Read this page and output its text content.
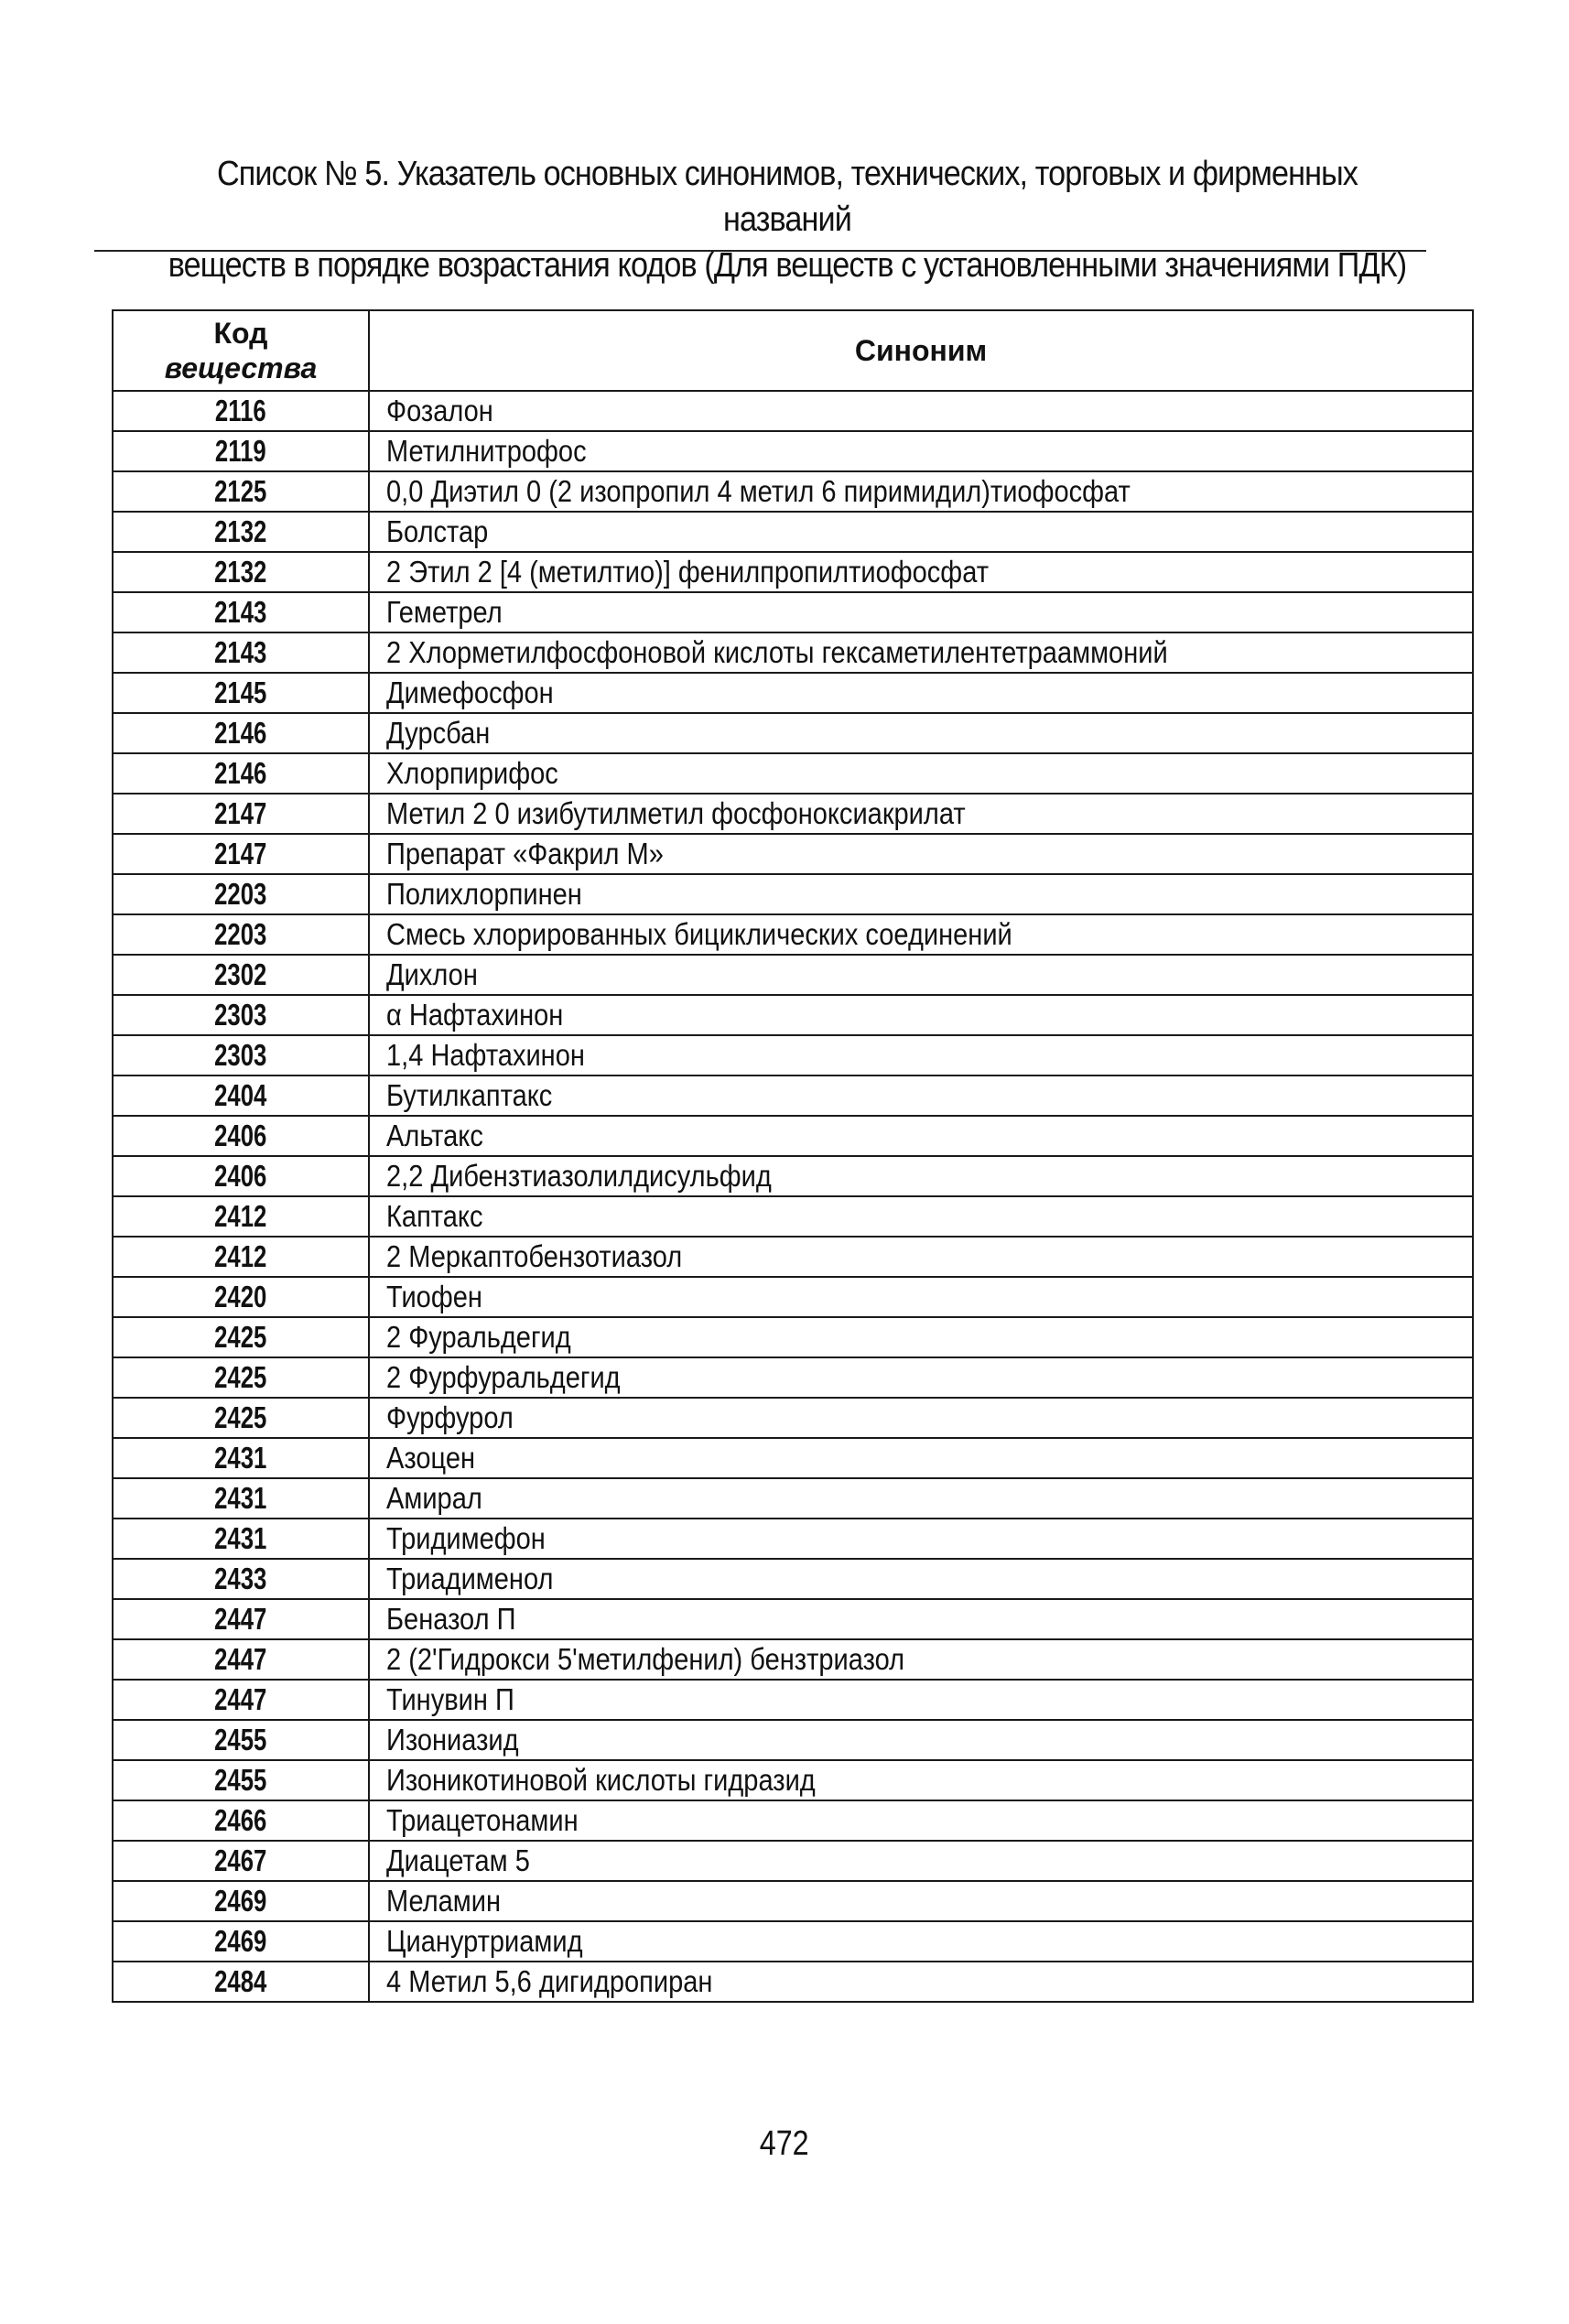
Список № 5. Указатель основных синонимов, технических, торговых и фирменных названий
веществ в порядке возрастания кодов (Для веществ с установленными значениями ПДК)
Код
вещества	Синоним
2116	Фозалон
2119	Метилнитрофос
2125	0,0 Диэтил 0 (2 изопропил 4 метил 6 пиримидил)тиофосфат
2132	Болстар
2132	2 Этил 2 [4 (метилтио)] фенилпропилтиофосфат
2143	Геметрел
2143	2 Хлорметилфосфоновой кислоты гексаметилентетрааммоний
2145	Димефосфон
2146	Дурсбан
2146	Хлорпирифос
2147	Метил 2 0 изибутилметил фосфоноксиакрилат
2147	Препарат «Факрил М»
2203	Полихлорпинен
2203	Смесь хлорированных бициклических соединений
2302	Дихлон
2303	α Нафтахинон
2303	1,4 Нафтахинон
2404	Бутилкаптакс
2406	Альтакс
2406	2,2 Дибензтиазолилдисульфид
2412	Каптакс
2412	2 Меркаптобензотиазол
2420	Тиофен
2425	2 Фуральдегид
2425	2 Фурфуральдегид
2425	Фурфурол
2431	Азоцен
2431	Амирал
2431	Тридимефон
2433	Триадименол
2447	Беназол П
2447	2 (2'Гидрокси 5'метилфенил) бензтриазол
2447	Тинувин П
2455	Изониазид
2455	Изоникотиновой кислоты гидразид
2466	Триацетонамин
2467	Диацетам 5
2469	Меламин
2469	Циануртриамид
2484	4 Метил 5,6 дигидропиран
472
